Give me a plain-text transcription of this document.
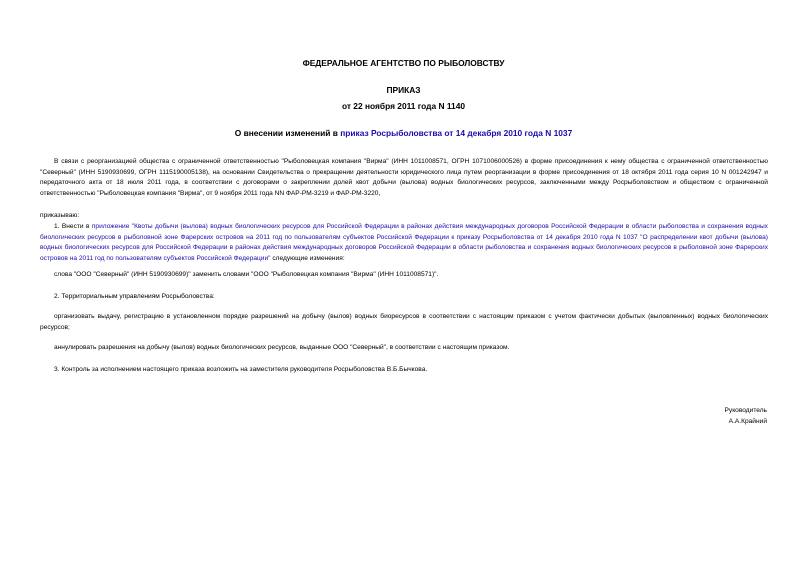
ФЕДЕРАЛЬНОЕ АГЕНТСТВО ПО РЫБОЛОВСТВУ
ПРИКАЗ
от 22 ноября 2011 года N 1140
О внесении изменений в приказ Росрыболовства от 14 декабря 2010 года N 1037
В связи с реорганизацией общества с ограниченной ответственностью "Рыболовецкая компания "Вирма" (ИНН 1011008571, ОГРН 1071006000526) в форме присоединения к нему общества с ограниченной ответственностью "Северный" (ИНН 5190930699, ОГРН 1115190005138), на основании Свидетельства о прекращении деятельности юридического лица путем реорганизации в форме присоединения от 18 октября 2011 года серия 10 N 001242947 и передаточного акта от 18 июля 2011 года, в соответствии с договорами о закреплении долей квот добычи (вылова) водных биологических ресурсов, заключенными между Росрыболовством и обществом с ограниченной ответственностью "Рыболовецкая компания "Вирма", от 9 ноября 2011 года NN ФАР-РМ-3219 и ФАР-РМ-3220,
приказываю:
1. Внести в приложение "Квоты добычи (вылова) водных биологических ресурсов для Российской Федерации в районах действия международных договоров Российской Федерации в области рыболовства и сохранения водных биологических ресурсов в рыболовной зоне Фарерских островов на 2011 год по пользователям субъектов Российской Федерации к приказу Росрыболовства от 14 декабря 2010 года N 1037 "О распределении квот добычи (вылова) водных биологических ресурсов для Российской Федерации в районах действия международных договоров Российской Федерации в области рыболовства и сохранения водных биологических ресурсов в рыболовной зоне Фарерских островов на 2011 год по пользователям субъектов Российской Федерации" следующие изменения:
слова "ООО "Северный" (ИНН 5190930699)" заменить словами "ООО "Рыболовецкая компания "Вирма" (ИНН 1011008571)".
2. Территориальным управлениям Росрыболовства:
организовать выдачу, регистрацию в установленном порядке разрешений на добычу (вылов) водных биоресурсов в соответствии с настоящим приказом с учетом фактически добытых (выловленных) водных биологических ресурсов;
аннулировать разрешения на добычу (вылов) водных биологических ресурсов, выданные ООО "Северный", в соответствии с настоящим приказом.
3. Контроль за исполнением настоящего приказа возложить на заместителя руководителя Росрыболовства В.Б.Бычкова.
Руководитель
А.А.Крайний
